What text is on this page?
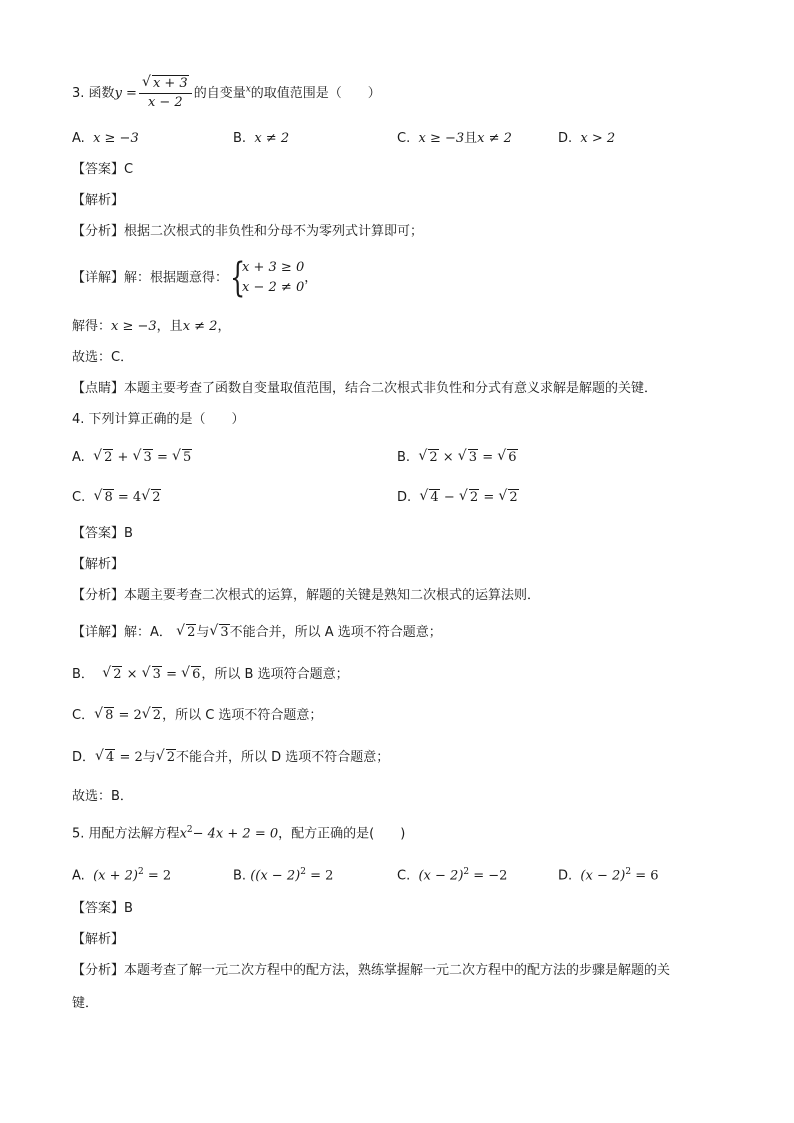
3. 函数y = √ $\frac{x + 3}{x - 2}$ 的自变量$^x$的取值范围是（　　）
A. x ≥ −3	B. x ≠ 2	C. x ≥ −3且x ≠ 2	D. x > 2
【答案】C
【解析】
【分析】根据二次根式的非负性和分母不为零列式计算即可；
【详解】解：根据题意得： {
x + 3 ≥ 0
x − 2 ≠ 0
，
解得：x ≥ −3，且x ≠ 2，
故选：C．
【点睛】本题主要考查了函数自变量取值范围，结合二次根式非负性和分式有意义求解是解题的关键．
4. 下列计算正确的是（　　）
A. √ 2 + √ 3 = √ 5	B. √ 2 × √ 3 = √ 6
C. √ 8 = 4 √ 2	D. √ 4 − √ 2 = √ 2
【答案】B
【解析】
【分析】本题主要考查二次根式的运算，解题的关键是熟知二次根式的运算法则．
【详解】解：A． √ 2与 √ 3不能合并，所以 A 选项不符合题意；
B． √ 2 × √ 3 = √ 6，所以 B 选项符合题意；
C． √ 8 = 2 √ 2，所以 C 选项不符合题意；
D． √ 4 = 2与 √ 2不能合并，所以 D 选项不符合题意；
故选：B．
5. 用配方法解方程$x^2- 4x + 2 = 0$，配方正确的是(　　)
A. $(x + 2)^2 = 2$	B. ($(x - 2)^2 = 2$	C. $(x - 2)^2 = -2$	D. $(x - 2)^2 = 6$
【答案】B
【解析】
【分析】本题考查了解一元二次方程中的配方法，熟练掌握解一元二次方程中的配方法的步骤是解题的关
键．
